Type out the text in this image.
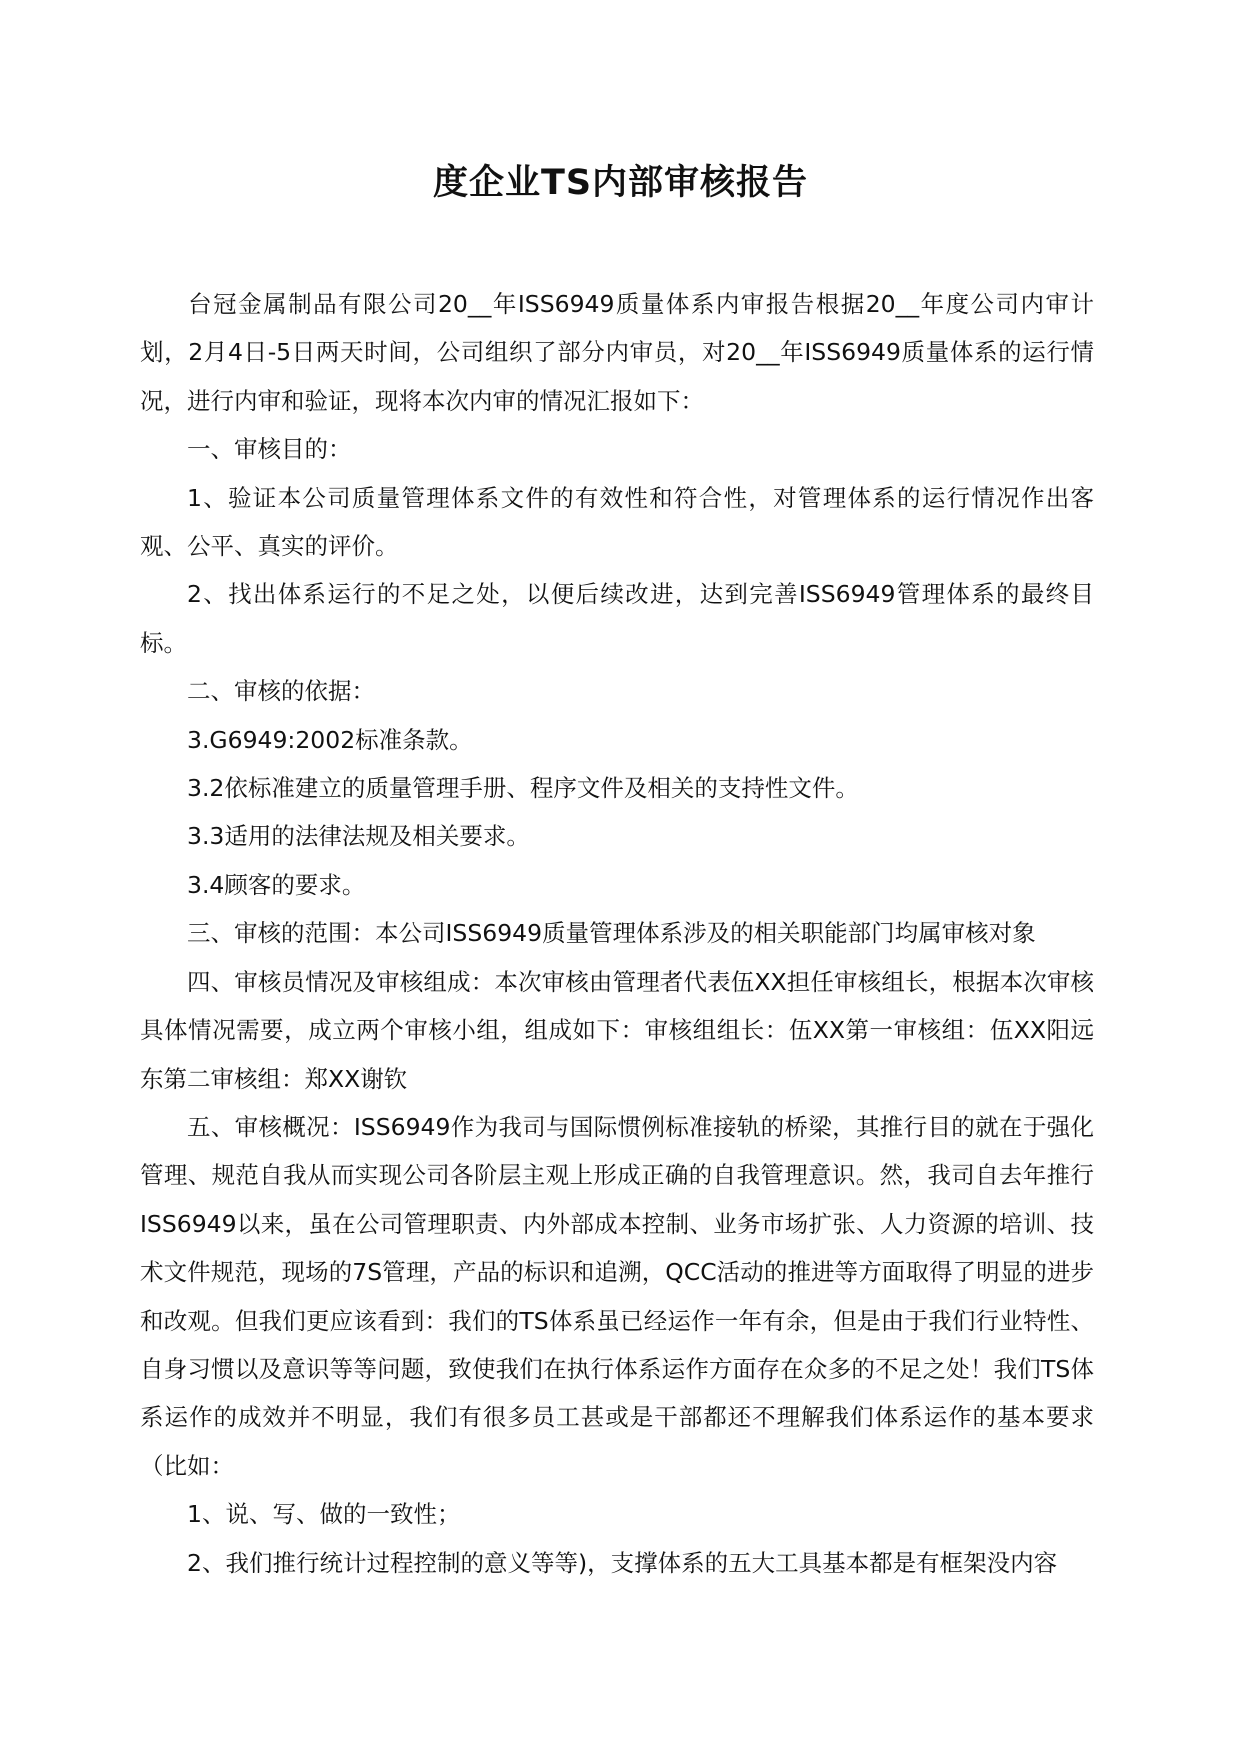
度企业TS内部审核报告

台冠金属制品有限公司20__年ISS6949质量体系内审报告根据20__年度公司内审计划，2月4日-5日两天时间，公司组织了部分内审员，对20__年ISS6949质量体系的运行情况，进行内审和验证，现将本次内审的情况汇报如下：

一、审核目的：

1、验证本公司质量管理体系文件的有效性和符合性，对管理体系的运行情况作出客观、公平、真实的评价。

2、找出体系运行的不足之处，以便后续改进，达到完善ISS6949管理体系的最终目标。

二、审核的依据：

3.G6949:2002标准条款。

3.2依标准建立的质量管理手册、程序文件及相关的支持性文件。

3.3适用的法律法规及相关要求。

3.4顾客的要求。

三、审核的范围：本公司ISS6949质量管理体系涉及的相关职能部门均属审核对象

四、审核员情况及审核组成：本次审核由管理者代表伍XX担任审核组长，根据本次审核具体情况需要，成立两个审核小组，组成如下：审核组组长：伍XX第一审核组：伍XX阳远东第二审核组：郑XX谢钦

五、审核概况：ISS6949作为我司与国际惯例标准接轨的桥梁，其推行目的就在于强化管理、规范自我从而实现公司各阶层主观上形成正确的自我管理意识。然，我司自去年推行ISS6949以来，虽在公司管理职责、内外部成本控制、业务市场扩张、人力资源的培训、技术文件规范，现场的7S管理，产品的标识和追溯，QCC活动的推进等方面取得了明显的进步和改观。但我们更应该看到：我们的TS体系虽已经运作一年有余，但是由于我们行业特性、自身习惯以及意识等等问题，致使我们在执行体系运作方面存在众多的不足之处！我们TS体系运作的成效并不明显，我们有很多员工甚或是干部都还不理解我们体系运作的基本要求（比如：

1、说、写、做的一致性；

2、我们推行统计过程控制的意义等等)，支撑体系的五大工具基本都是有框架没内容
